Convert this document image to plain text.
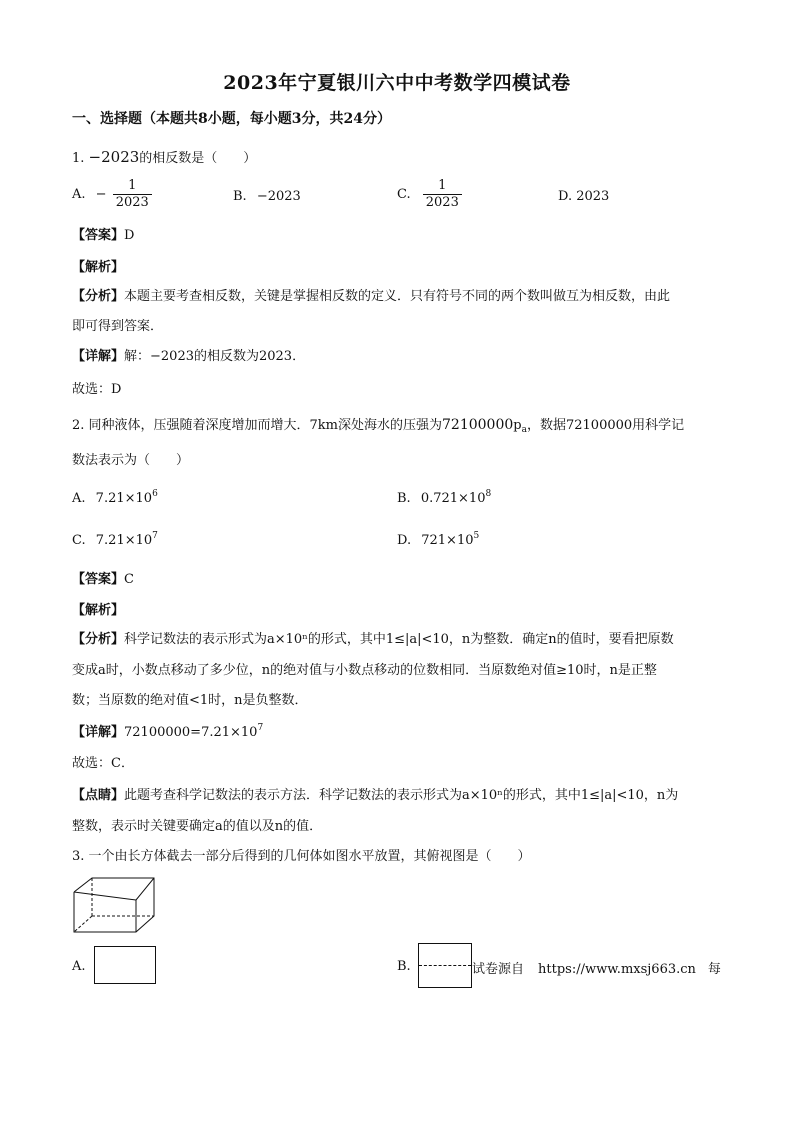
2023年宁夏银川六中中考数学四模试卷
一、选择题（本题共8小题，每小题3分，共24分）
1. −2023的相反数是（　　）
A. − $\frac{1}{2023}$	B. −2023	C. $\frac{1}{2023}$	D. 2023
【答案】D
【解析】
【分析】本题主要考查相反数，关键是掌握相反数的定义．只有符号不同的两个数叫做互为相反数，由此
即可得到答案．
【详解】解：−2023的相反数为2023．
故选：D
2. 同种液体，压强随着深度增加而增大．7km深处海水的压强为$72100000p_a$，数据72100000用科学记
数法表示为（　　）
A. $7.21\times 10^6$	B. $0.721\times 10^8$
C. $7.21\times 10^7$	D. $721\times 10^5$
【答案】C
【解析】
【分析】科学记数法的表示形式为a×10ⁿ的形式，其中1≤|a|<10，n为整数．确定n的值时，要看把原数
变成a时，小数点移动了多少位，n的绝对值与小数点移动的位数相同．当原数绝对值≥10时，n是正整
数；当原数的绝对值<1时，n是负整数．
【详解】$72100000=7.21\times 10^7$
故选：C．
【点睛】此题考查科学记数法的表示方法．科学记数法的表示形式为a×10ⁿ的形式，其中1≤|a|<10，n为
整数，表示时关键要确定a的值以及n的值．
3. 一个由长方体截去一部分后得到的几何体如图水平放置，其俯视图是（　　）
A.	B.	试卷源自 https://www.mxsj663.cn 每
